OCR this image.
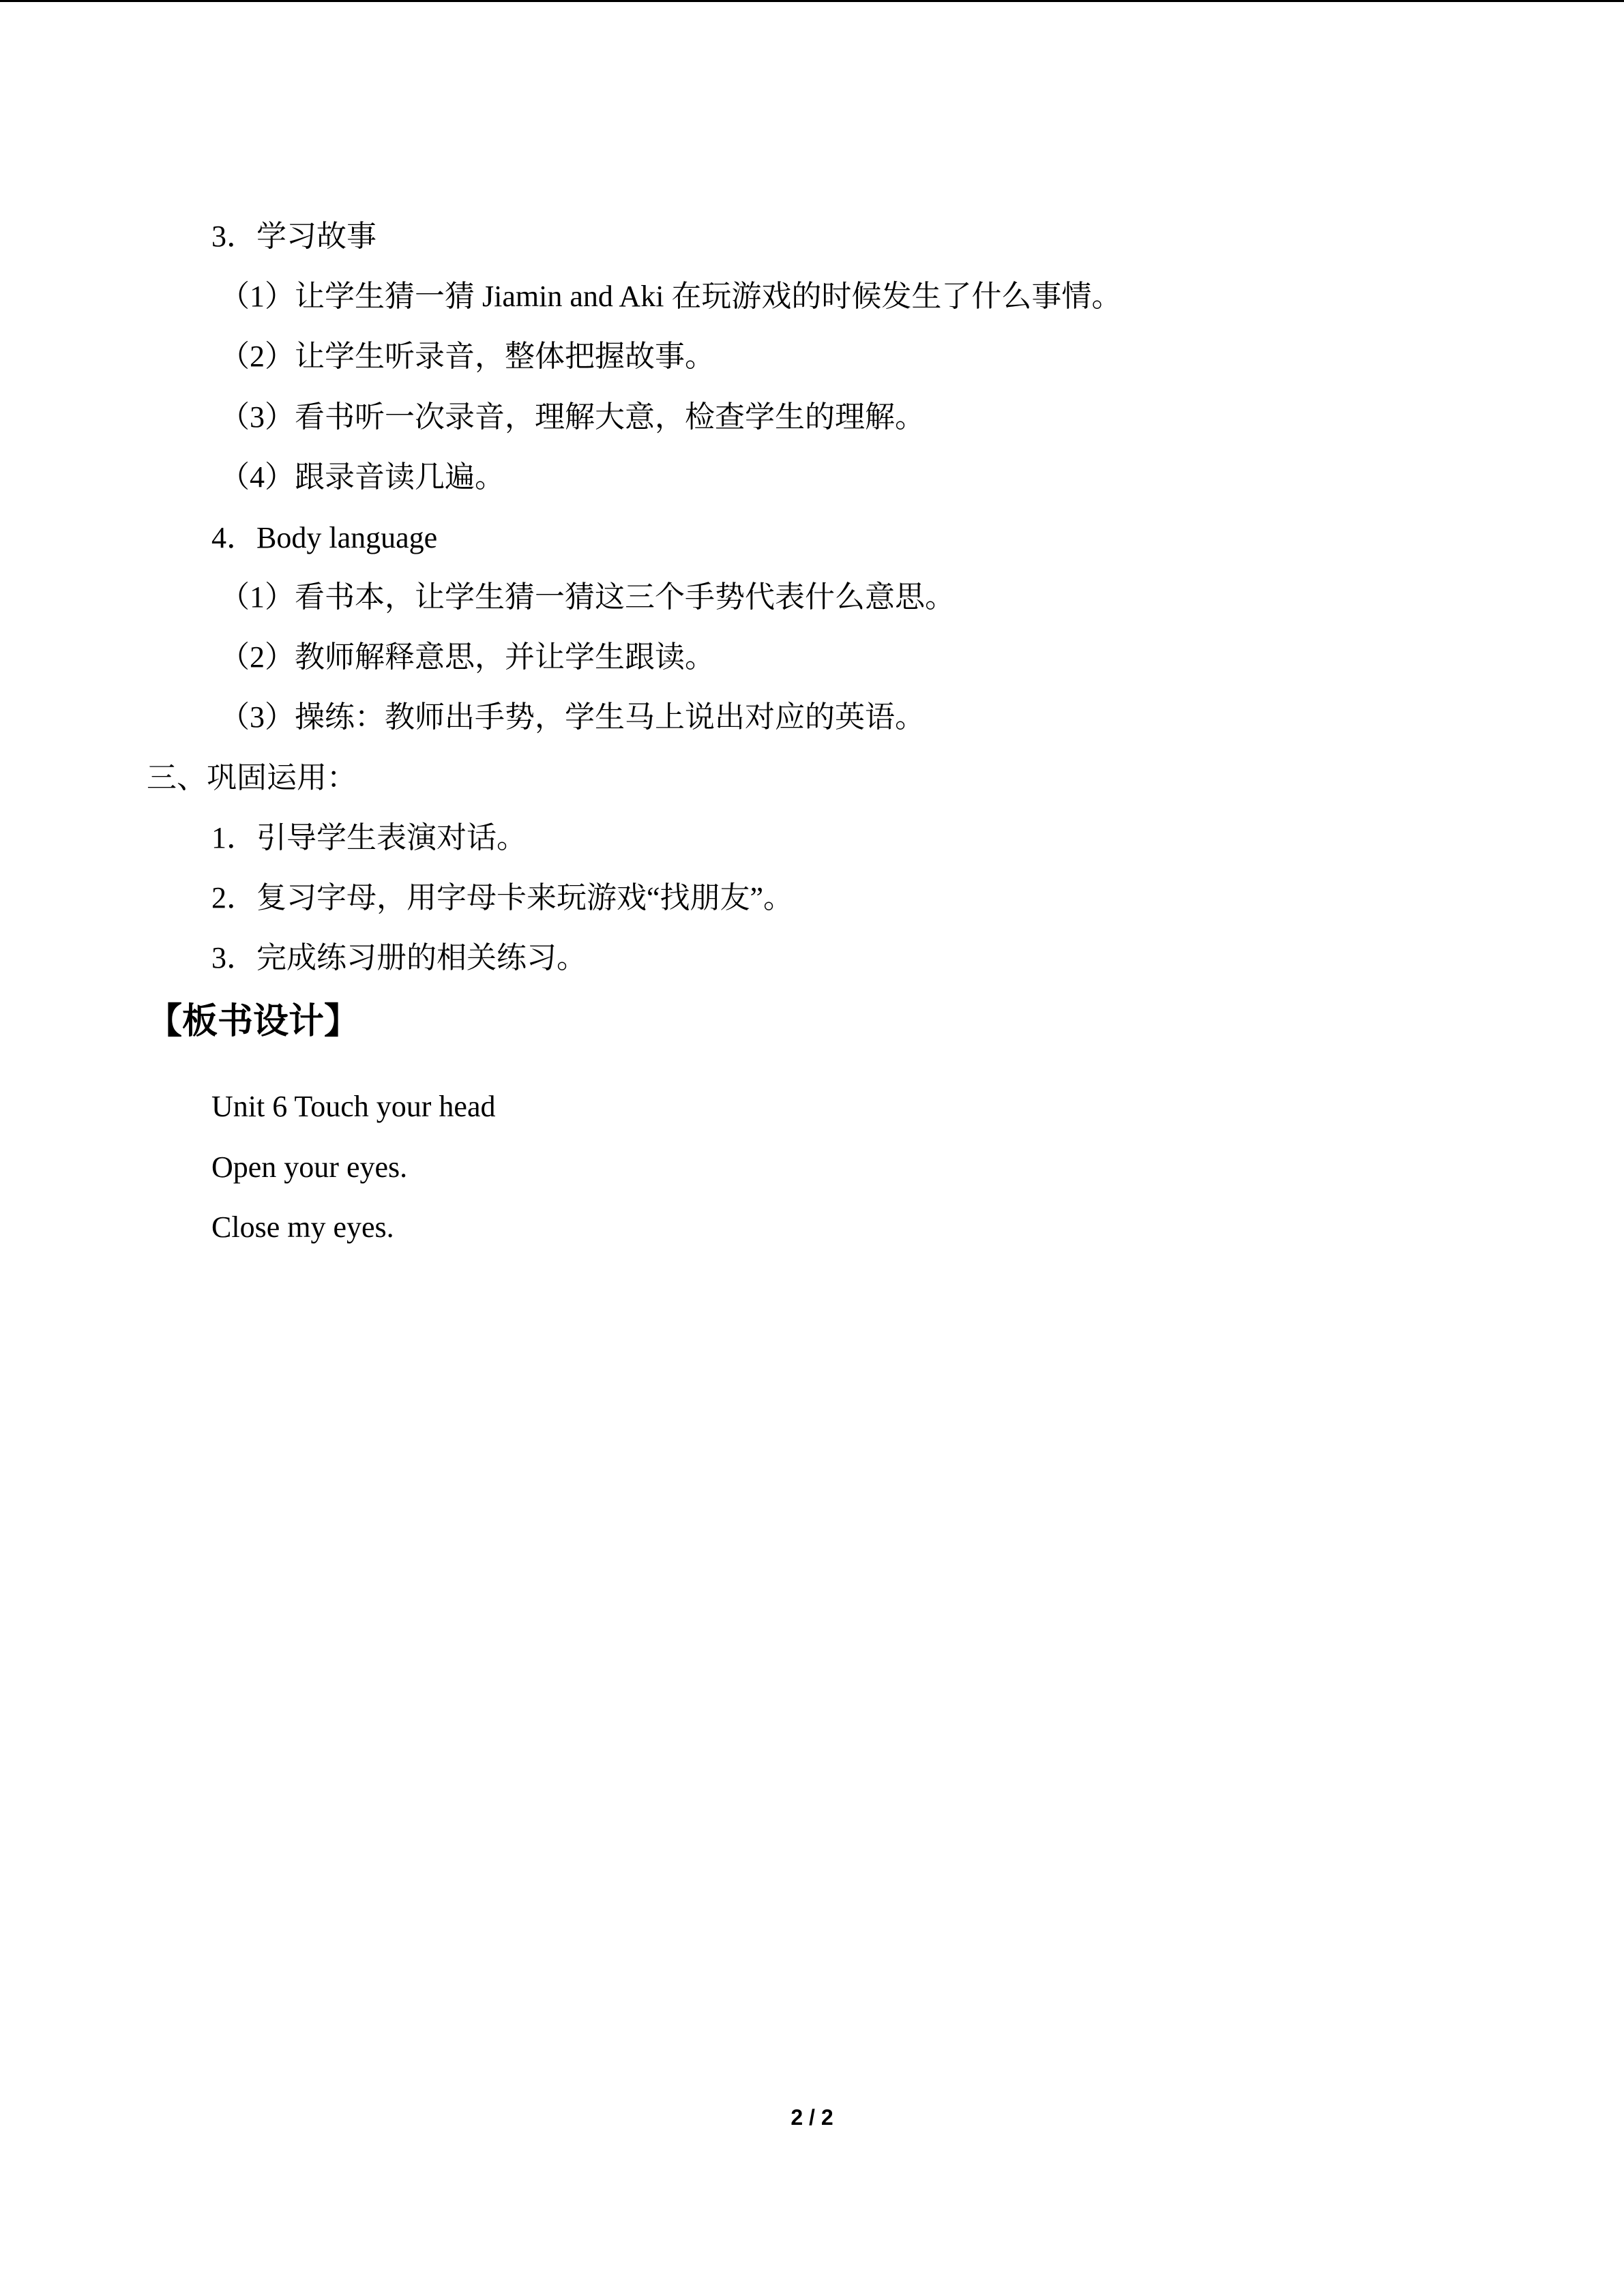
3．学习故事
（1）让学生猜一猜 Jiamin and Aki 在玩游戏的时候发生了什么事情。
（2）让学生听录音，整体把握故事。
（3）看书听一次录音，理解大意，检查学生的理解。
（4）跟录音读几遍。
4．Body language
（1）看书本，让学生猜一猜这三个手势代表什么意思。
（2）教师解释意思，并让学生跟读。
（3）操练：教师出手势，学生马上说出对应的英语。
三、巩固运用：
1．引导学生表演对话。
2．复习字母，用字母卡来玩游戏“找朋友”。
3．完成练习册的相关练习。
【板书设计】
Unit 6 Touch your head
Open your eyes.
Close my eyes.
2 / 2
